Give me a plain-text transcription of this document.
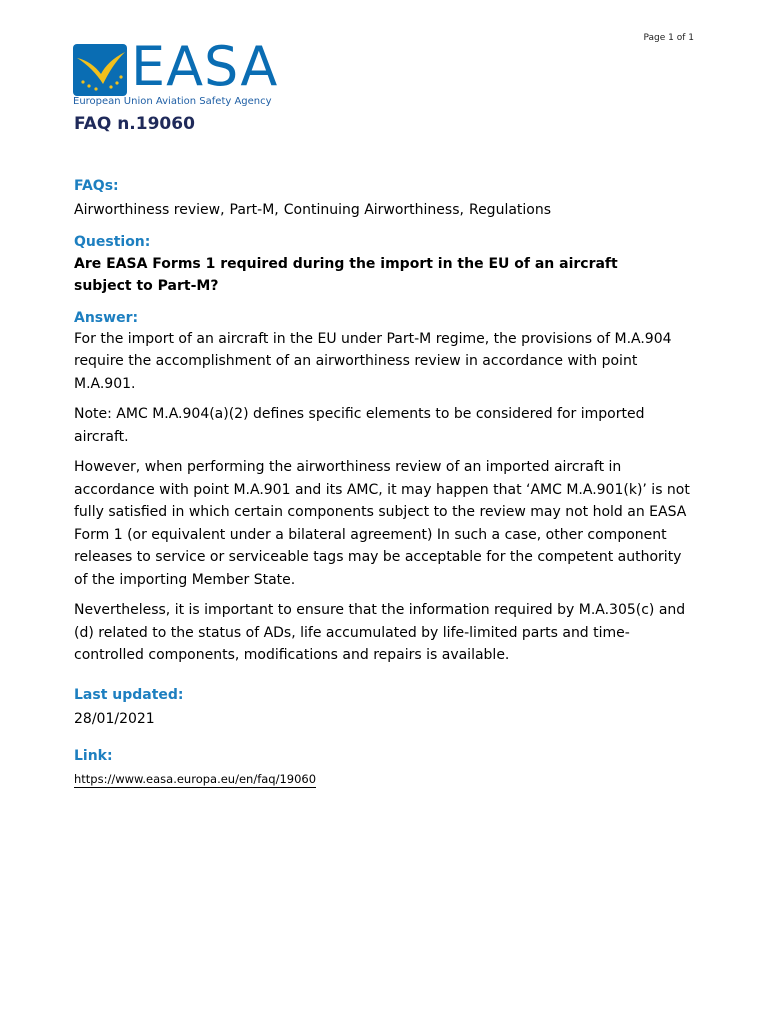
Page 1 of 1
EASA
European Union Aviation Safety Agency
FAQ n.19060

FAQs:

Airworthiness review, Part-M, Continuing Airworthiness, Regulations

Question:

Are EASA Forms 1 required during the import in the EU of an aircraft

subject to Part-M?

Answer:

For the import of an aircraft in the EU under Part-M regime, the provisions of M.A.904 require the accomplishment of an airworthiness review in accordance with point M.A.901.

Note: AMC M.A.904(a)(2) defines specific elements to be considered for imported aircraft.

However, when performing the airworthiness review of an imported aircraft in accordance with point M.A.901 and its AMC, it may happen that ‘AMC M.A.901(k)’ is not fully satisfied in which certain components subject to the review may not hold an EASA Form 1 (or equivalent under a bilateral agreement) In such a case, other component releases to service or serviceable tags may be acceptable for the competent authority of the importing Member State.

Nevertheless, it is important to ensure that the information required by M.A.305(c) and (d) related to the status of ADs, life accumulated by life-limited parts and time-controlled components, modifications and repairs is available.

Last updated:

28/01/2021

Link:

https://www.easa.europa.eu/en/faq/19060
